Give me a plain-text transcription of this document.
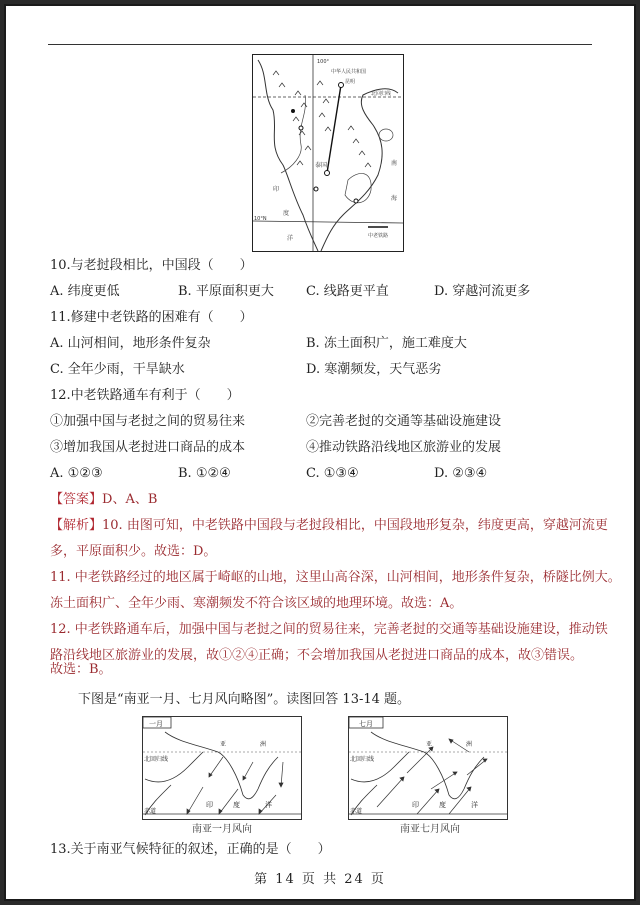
100°
中华人民共和国
昆明
北回归线
泰国
印
度
洋
南
海
10°N
中老铁路
10.与老挝段相比，中国段（　　）
A. 纬度更低	B. 平原面积更大 C. 线路更平直	D. 穿越河流更多
11.修建中老铁路的困难有（　　）
A. 山河相间，地形条件复杂	B. 冻土面积广，施工难度大
C. 全年少雨，干旱缺水	D. 寒潮频发，天气恶劣
12.中老铁路通车有利于（　　）
①加强中国与老挝之间的贸易往来	②完善老挝的交通等基础设施建设
③增加我国从老挝进口商品的成本	④推动铁路沿线地区旅游业的发展
A. ①②③	B. ①②④	C. ①③④	D. ②③④
【答案】D、A、B
【解析】10. 由图可知，中老铁路中国段与老挝段相比，中国段地形复杂，纬度更高，穿越河流更
多，平原面积少。故选：D。
11. 中老铁路经过的地区属于崎岖的山地，这里山高谷深，山河相间，地形条件复杂，桥隧比例大。
冻土面积广、全年少雨、寒潮频发不符合该区域的地理环境。故选：A。
12. 中老铁路通车后，加强中国与老挝之间的贸易往来，完善老挝的交通等基础设施建设，推动铁
路沿线地区旅游业的发展，故①②④正确；不会增加我国从老挝进口商品的成本，故③错误。
故选：B。
下图是“南亚一月、七月风向略图”。读图回答 13-14 题。
一月
亚	洲
北回归线
赤道
印	度	洋
南亚一月风向
七月
亚	洲
北回归线
赤道
印	度	洋
南亚七月风向
13.关于南亚气候特征的叙述，正确的是（　　）
第 14 页 共 24 页
